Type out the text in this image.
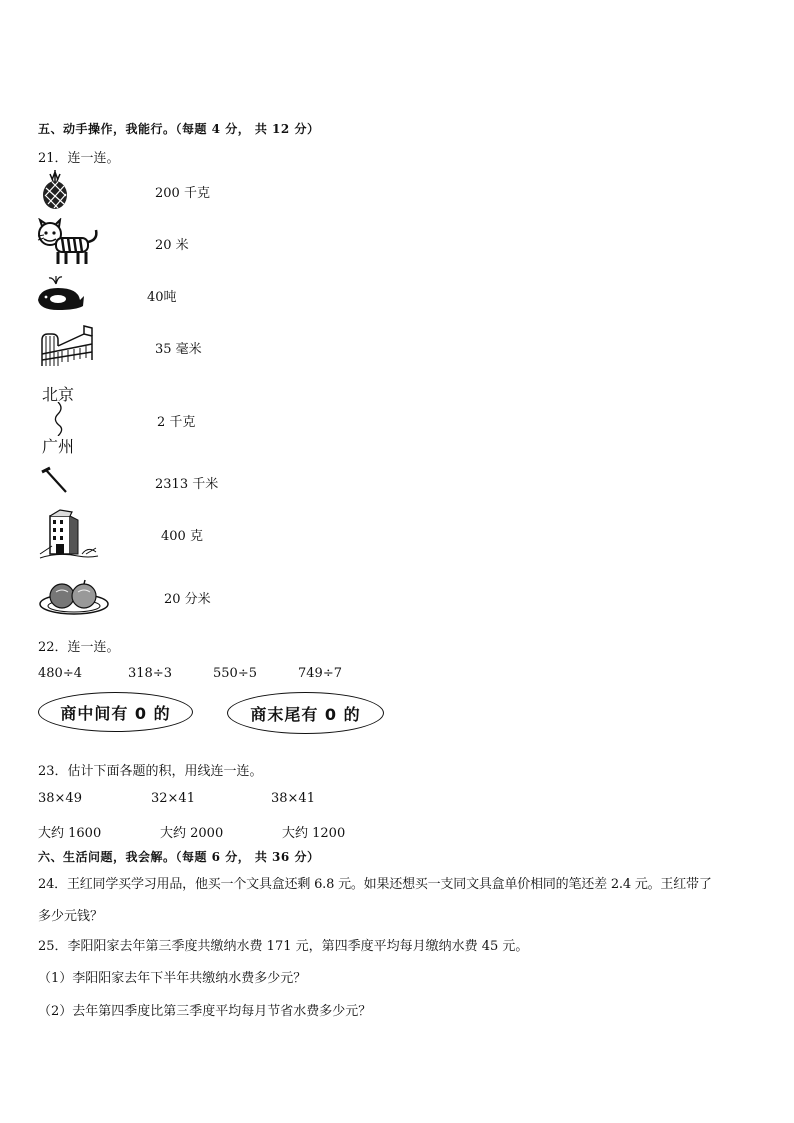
五、动手操作，我能行。（每题 4 分， 共 12 分）
21．连一连。
200 千克
20 米
40吨
35 毫米
北京
广州
2 千克
2313 千米
400 克
20 分米
22．连一连。
480÷4	318÷3	550÷5	749÷7
商中间有 0 的	商末尾有 0 的
23．估计下面各题的积，用线连一连。
38×49	32×41	38×41
大约 1600	大约 2000	大约 1200
六、生活问题，我会解。（每题 6 分， 共 36 分）
24．王红同学买学习用品，他买一个文具盒还剩 6.8 元。如果还想买一支同文具盒单价相同的笔还差 2.4 元。王红带了
多少元钱？
25．李阳阳家去年第三季度共缴纳水费 171 元，第四季度平均每月缴纳水费 45 元。
（1）李阳阳家去年下半年共缴纳水费多少元？
（2）去年第四季度比第三季度平均每月节省水费多少元？
